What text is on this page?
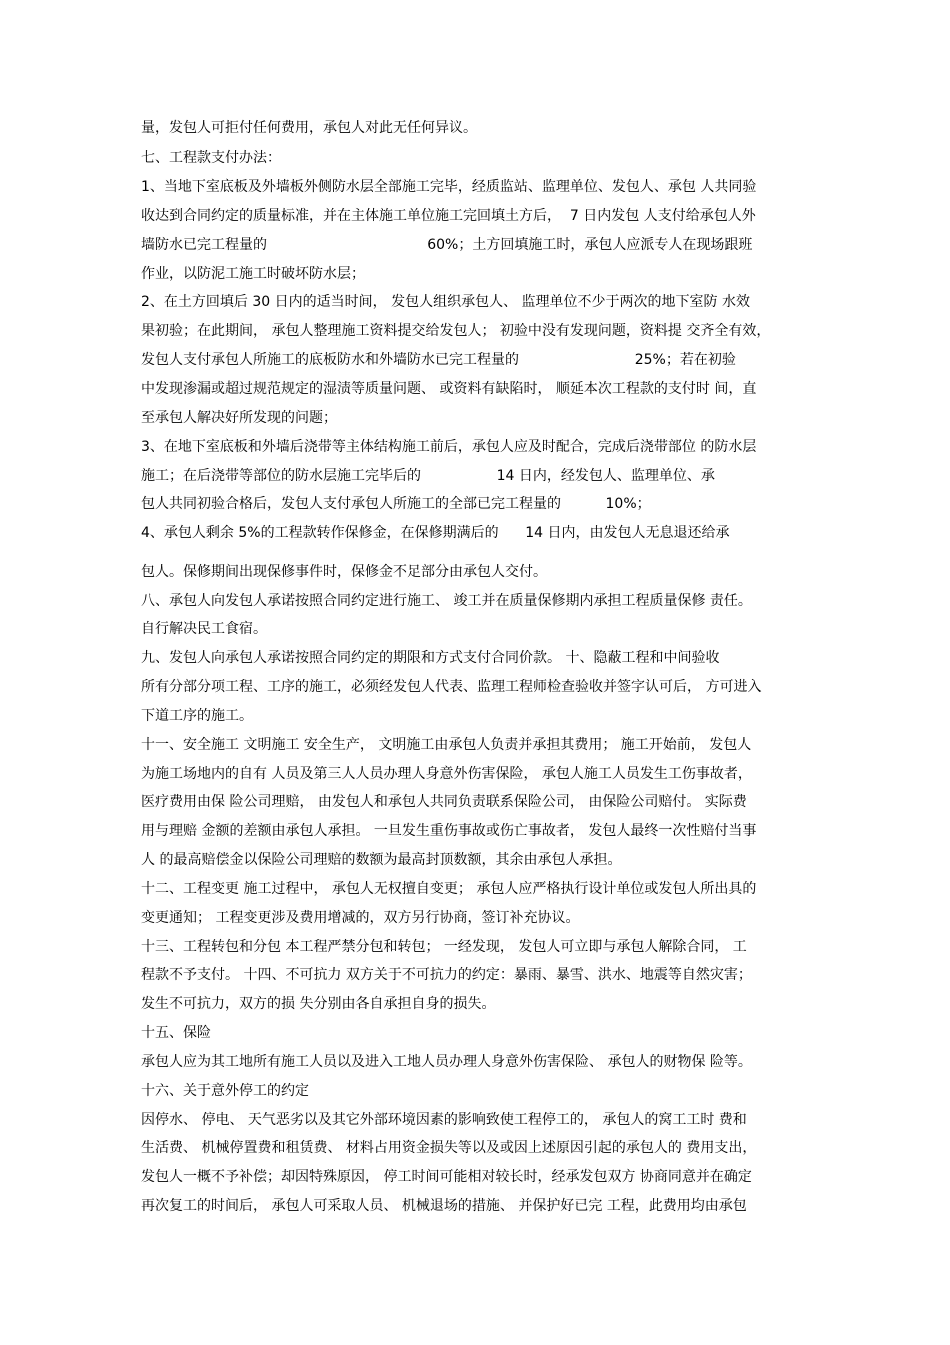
量，发包人可拒付任何费用，承包人对此无任何异议。
七、工程款支付办法：
1、当地下室底板及外墙板外侧防水层全部施工完毕，经质监站、监理单位、发包人、承包 人共同验
收达到合同约定的质量标准，并在主体施工单位施工完回填土方后，  7 日内发包 人支付给承包人外
墙防水已完工程量的                                    60%；土方回填施工时，承包人应派专人在现场跟班
作业，以防泥工施工时破坏防水层；
2、在土方回填后 30 日内的适当时间， 发包人组织承包人、 监理单位不少于两次的地下室防 水效
果初验；在此期间， 承包人整理施工资料提交给发包人； 初验中没有发现问题，资料提 交齐全有效，
发包人支付承包人所施工的底板防水和外墙防水已完工程量的                          25%；若在初验
中发现渗漏或超过规范规定的湿渍等质量问题、 或资料有缺陷时， 顺延本次工程款的支付时 间，直
至承包人解决好所发现的问题；
3、在地下室底板和外墙后浇带等主体结构施工前后，承包人应及时配合，完成后浇带部位 的防水层
施工；在后浇带等部位的防水层施工完毕后的                 14 日内，经发包人、监理单位、承
包人共同初验合格后，发包人支付承包人所施工的全部已完工程量的          10%；
4、承包人剩余 5%的工程款转作保修金，在保修期满后的      14 日内，由发包人无息退还给承
包人。保修期间出现保修事件时，保修金不足部分由承包人交付。
八、承包人向发包人承诺按照合同约定进行施工、 竣工并在质量保修期内承担工程质量保修 责任。
自行解决民工食宿。
九、发包人向承包人承诺按照合同约定的期限和方式支付合同价款。 十、隐蔽工程和中间验收
所有分部分项工程、工序的施工，必须经发包人代表、监理工程师检查验收并签字认可后， 方可进入
下道工序的施工。
十一、安全施工 文明施工 安全生产， 文明施工由承包人负责并承担其费用； 施工开始前， 发包人
为施工场地内的自有 人员及第三人人员办理人身意外伤害保险， 承包人施工人员发生工伤事故者，
医疗费用由保 险公司理赔， 由发包人和承包人共同负责联系保险公司， 由保险公司赔付。 实际费
用与理赔 金额的差额由承包人承担。 一旦发生重伤事故或伤亡事故者， 发包人最终一次性赔付当事
人 的最高赔偿金以保险公司理赔的数额为最高封顶数额，其余由承包人承担。
十二、工程变更 施工过程中， 承包人无权擅自变更； 承包人应严格执行设计单位或发包人所出具的
变更通知； 工程变更涉及费用增减的，双方另行协商，签订补充协议。
十三、工程转包和分包 本工程严禁分包和转包； 一经发现， 发包人可立即与承包人解除合同， 工
程款不予支付。 十四、不可抗力 双方关于不可抗力的约定：暴雨、暴雪、洪水、地震等自然灾害；
发生不可抗力，双方的损 失分别由各自承担自身的损失。
十五、保险
承包人应为其工地所有施工人员以及进入工地人员办理人身意外伤害保险、 承包人的财物保 险等。
十六、关于意外停工的约定
因停水、 停电、 天气恶劣以及其它外部环境因素的影响致使工程停工的， 承包人的窝工工时 费和
生活费、 机械停置费和租赁费、 材料占用资金损失等以及或因上述原因引起的承包人的 费用支出，
发包人一概不予补偿；却因特殊原因， 停工时间可能相对较长时，经承发包双方 协商同意并在确定
再次复工的时间后， 承包人可采取人员、 机械退场的措施、 并保护好已完 工程，此费用均由承包
